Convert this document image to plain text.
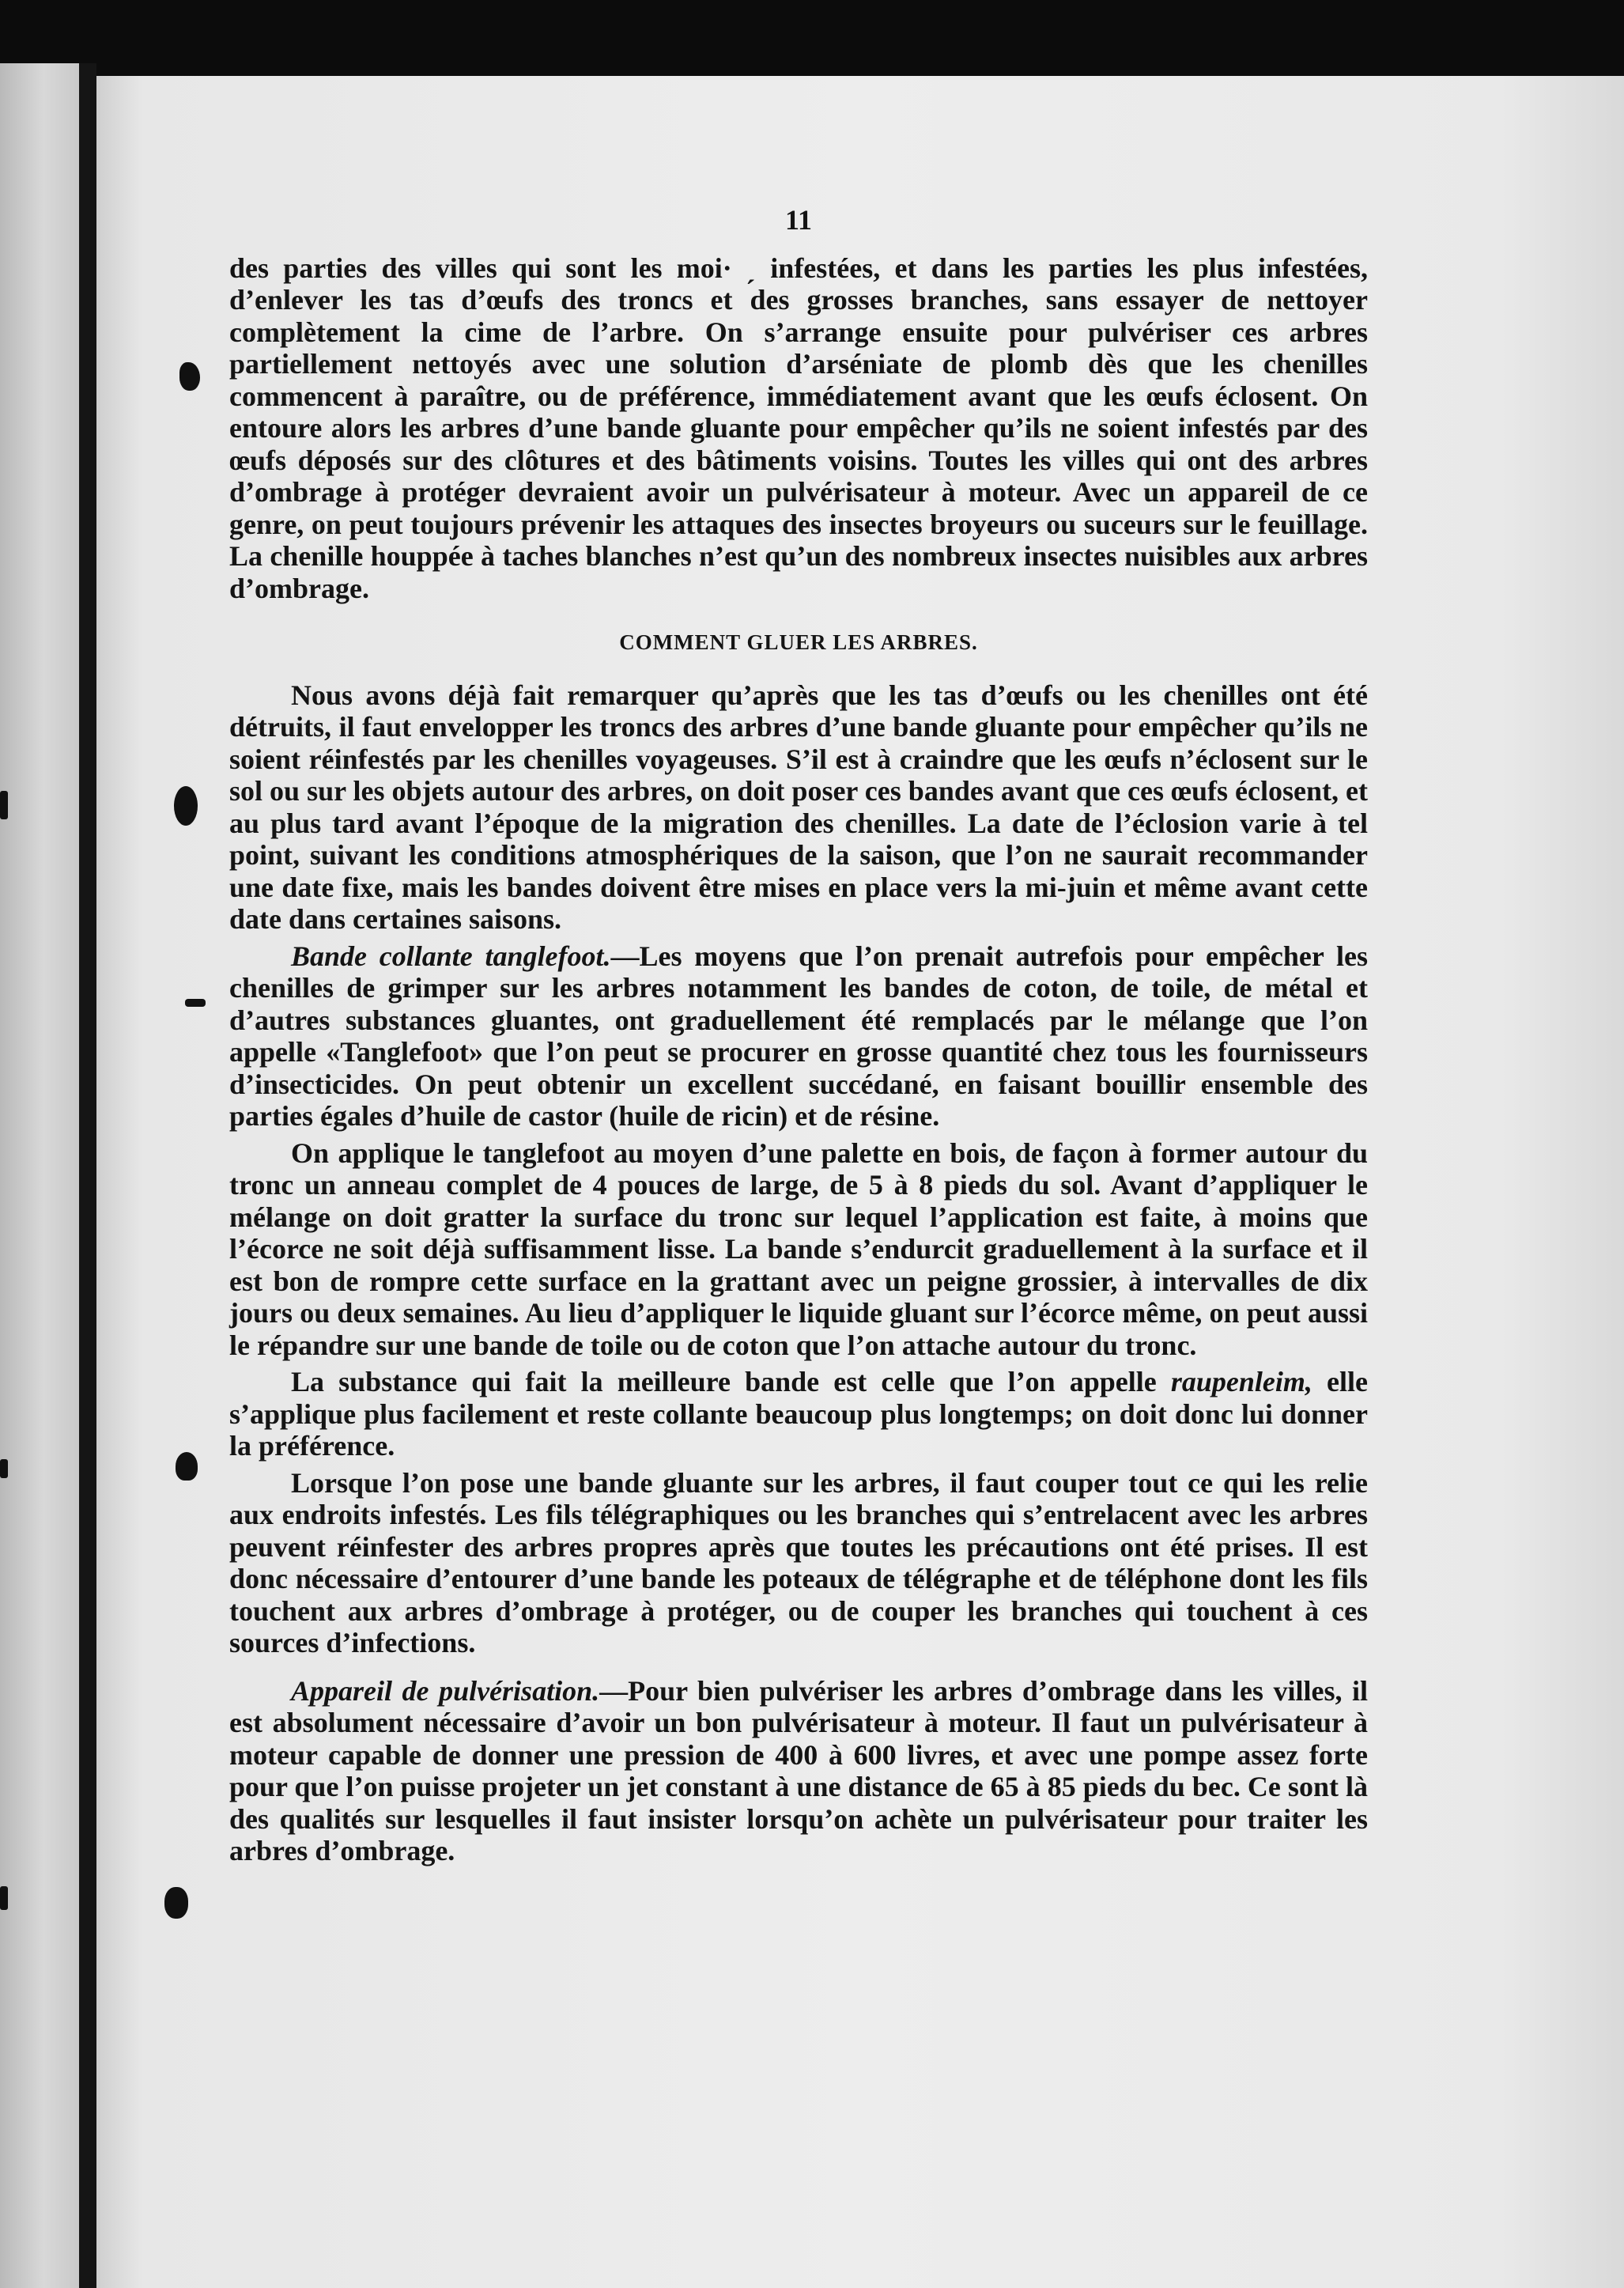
11

des parties des villes qui sont les moi· ˏ infestées, et dans les parties les plus infestées, d’enlever les tas d’œufs des troncs et des grosses branches, sans essayer de nettoyer complètement la cime de l’arbre. On s’arrange ensuite pour pulvériser ces arbres partiellement nettoyés avec une solution d’arséniate de plomb dès que les chenilles commencent à paraître, ou de préférence, immédiatement avant que les œufs éclosent. On entoure alors les arbres d’une bande gluante pour empêcher qu’ils ne soient infestés par des œufs déposés sur des clôtures et des bâtiments voisins. Toutes les villes qui ont des arbres d’ombrage à protéger devraient avoir un pulvérisateur à moteur. Avec un appareil de ce genre, on peut toujours prévenir les attaques des insectes broyeurs ou suceurs sur le feuillage. La chenille houppée à taches blanches n’est qu’un des nombreux insectes nuisibles aux arbres d’ombrage.

COMMENT GLUER LES ARBRES.

Nous avons déjà fait remarquer qu’après que les tas d’œufs ou les chenilles ont été détruits, il faut envelopper les troncs des arbres d’une bande gluante pour empêcher qu’ils ne soient réinfestés par les chenilles voyageuses. S’il est à craindre que les œufs n’éclosent sur le sol ou sur les objets autour des arbres, on doit poser ces bandes avant que ces œufs éclosent, et au plus tard avant l’époque de la migration des chenilles. La date de l’éclosion varie à tel point, suivant les conditions atmosphériques de la saison, que l’on ne saurait recommander une date fixe, mais les bandes doivent être mises en place vers la mi-juin et même avant cette date dans certaines saisons.

Bande collante tanglefoot.—Les moyens que l’on prenait autrefois pour empêcher les chenilles de grimper sur les arbres notamment les bandes de coton, de toile, de métal et d’autres substances gluantes, ont graduellement été remplacés par le mélange que l’on appelle «Tanglefoot» que l’on peut se procurer en grosse quantité chez tous les fournisseurs d’insecticides. On peut obtenir un excellent succédané, en faisant bouillir ensemble des parties égales d’huile de castor (huile de ricin) et de résine.

On applique le tanglefoot au moyen d’une palette en bois, de façon à former autour du tronc un anneau complet de 4 pouces de large, de 5 à 8 pieds du sol. Avant d’appliquer le mélange on doit gratter la surface du tronc sur lequel l’application est faite, à moins que l’écorce ne soit déjà suffisamment lisse. La bande s’endurcit graduellement à la surface et il est bon de rompre cette surface en la grattant avec un peigne grossier, à intervalles de dix jours ou deux semaines. Au lieu d’appliquer le liquide gluant sur l’écorce même, on peut aussi le répandre sur une bande de toile ou de coton que l’on attache autour du tronc.

La substance qui fait la meilleure bande est celle que l’on appelle raupenleim, elle s’applique plus facilement et reste collante beaucoup plus longtemps; on doit donc lui donner la préférence.

Lorsque l’on pose une bande gluante sur les arbres, il faut couper tout ce qui les relie aux endroits infestés. Les fils télégraphiques ou les branches qui s’entrelacent avec les arbres peuvent réinfester des arbres propres après que toutes les précautions ont été prises. Il est donc nécessaire d’entourer d’une bande les poteaux de télégraphe et de téléphone dont les fils touchent aux arbres d’ombrage à protéger, ou de couper les branches qui touchent à ces sources d’infections.

Appareil de pulvérisation.—Pour bien pulvériser les arbres d’ombrage dans les villes, il est absolument nécessaire d’avoir un bon pulvérisateur à moteur. Il faut un pulvérisateur à moteur capable de donner une pression de 400 à 600 livres, et avec une pompe assez forte pour que l’on puisse projeter un jet constant à une distance de 65 à 85 pieds du bec. Ce sont là des qualités sur lesquelles il faut insister lorsqu’on achète un pulvérisateur pour traiter les arbres d’ombrage.
